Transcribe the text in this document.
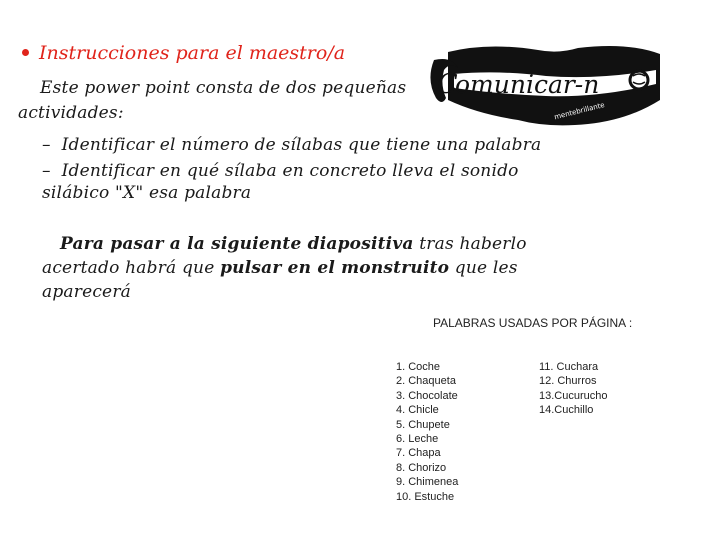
Instrucciones para el maestro/a
Este power point consta de dos pequeñas
actividades:
– Identificar el número de sílabas que tiene una palabra
– Identificar en qué sílaba en concreto lleva el sonido
silábico "X" esa palabra
Para pasar a la siguiente diapositiva tras haberlo
acertado habrá que pulsar en el monstruito que les
aparecerá
C
omunicar-n
mentebrillante
PALABRAS USADAS POR PÁGINA :
1. Coche
2. Chaqueta
3. Chocolate
4. Chicle
5. Chupete
6. Leche
7. Chapa
8. Chorizo
9. Chimenea
10. Estuche
11. Cuchara
12. Churros
13.Cucurucho
14.Cuchillo
